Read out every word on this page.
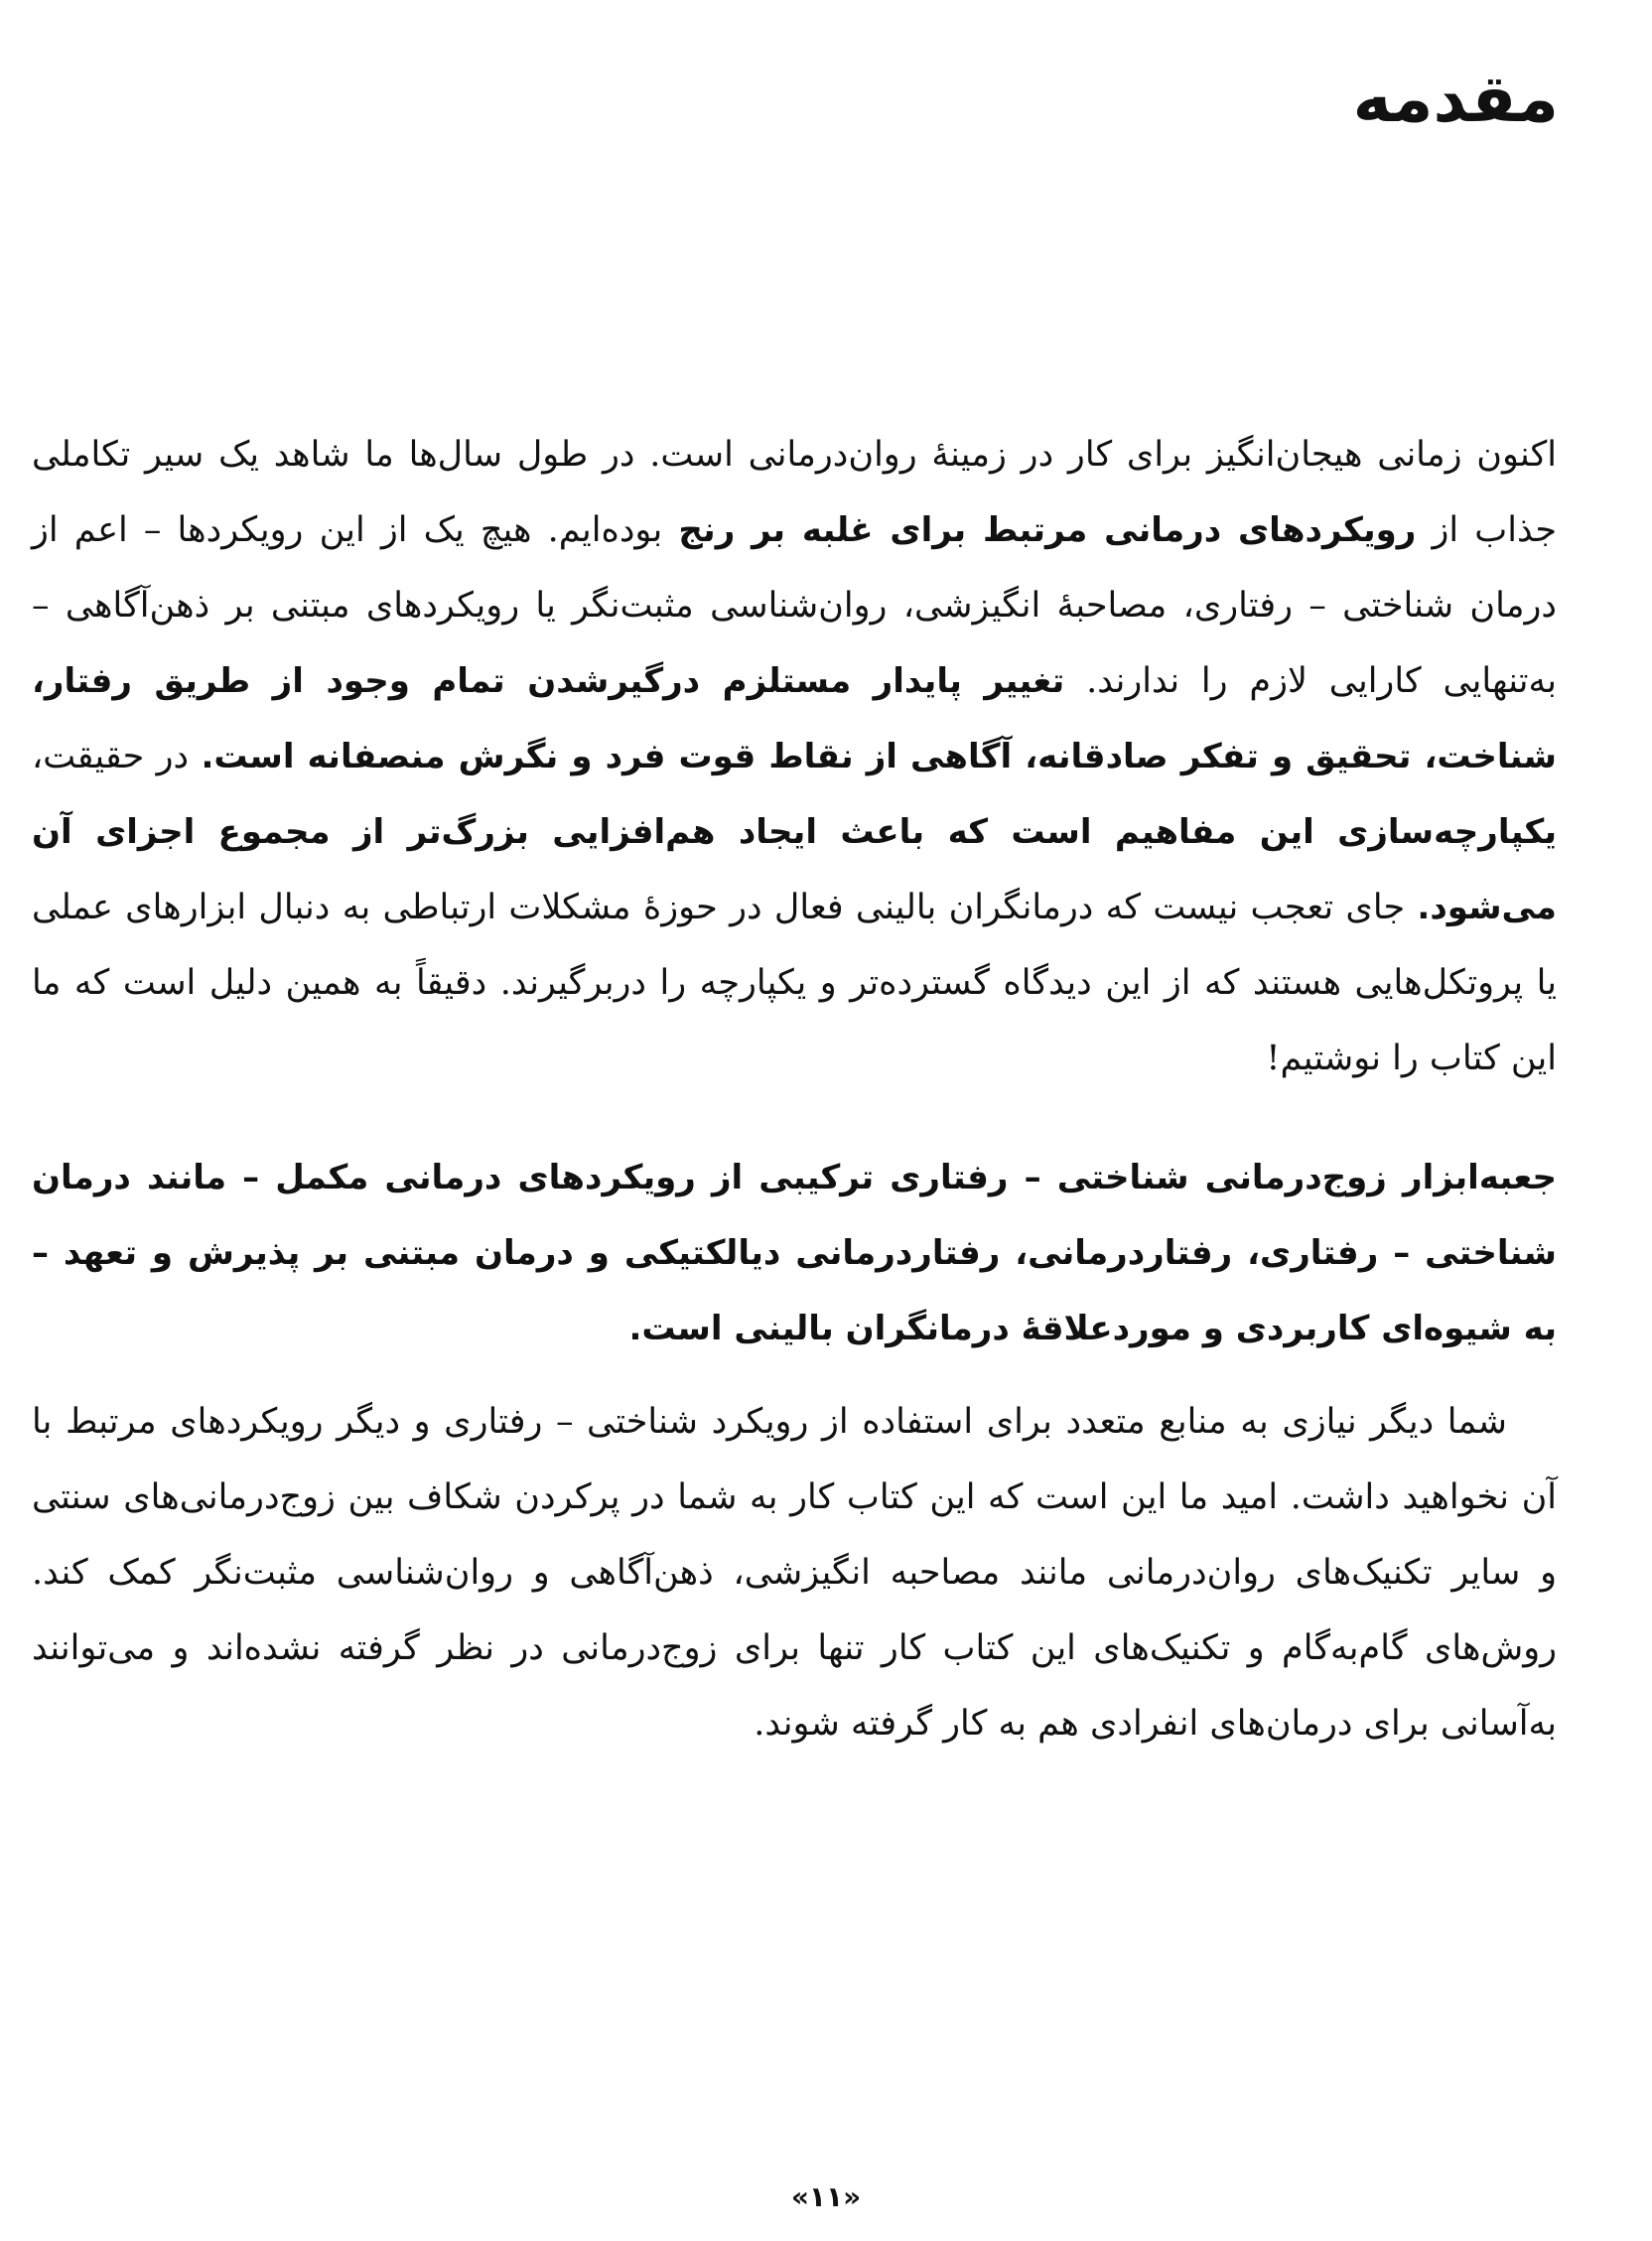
مقدمه

اکنون زمانی هیجان‌انگیز برای کار در زمینهٔ روان‌درمانی است. در طول سال‌ها ما شاهد یک سیر تکاملی جذاب از رویکردهای درمانی مرتبط برای غلبه بر رنج بوده‌ایم. هیچ یک از این رویکردها – اعم از درمان شناختی – رفتاری، مصاحبهٔ انگیزشی، روان‌شناسی مثبت‌نگر یا رویکردهای مبتنی بر ذهن‌آگاهی – به‌تنهایی کارایی لازم را ندارند. تغییر پایدار مستلزم درگیرشدن تمام وجود از طریق رفتار، شناخت، تحقیق و تفکر صادقانه، آگاهی از نقاط قوت فرد و نگرش منصفانه است. در حقیقت، یکپارچه‌سازی این مفاهیم است که باعث ایجاد هم‌افزایی بزرگ‌تر از مجموع اجزای آن می‌شود. جای تعجب نیست که درمانگران بالینی فعال در حوزهٔ مشکلات ارتباطی به دنبال ابزارهای عملی یا پروتکل‌هایی هستند که از این دیدگاه گسترده‌تر و یکپارچه را دربرگیرند. دقیقاً به همین دلیل است که ما این کتاب را نوشتیم!

جعبه‌ابزار زوج‌درمانی شناختی – رفتاری ترکیبی از رویکردهای درمانی مکمل – مانند درمان شناختی – رفتاری، رفتاردرمانی، رفتاردرمانی دیالکتیکی و درمان مبتنی بر پذیرش و تعهد – به شیوه‌ای کاربردی و موردعلاقهٔ درمانگران بالینی است.

شما دیگر نیازی به منابع متعدد برای استفاده از رویکرد شناختی – رفتاری و دیگر رویکردهای مرتبط با آن نخواهید داشت. امید ما این است که این کتاب کار به شما در پرکردن شکاف بین زوج‌درمانی‌های سنتی و سایر تکنیک‌های روان‌درمانی مانند مصاحبه انگیزشی، ذهن‌آگاهی و روان‌شناسی مثبت‌نگر کمک کند. روش‌های گام‌به‌گام و تکنیک‌های این کتاب کار تنها برای زوج‌درمانی در نظر گرفته نشده‌اند و می‌توانند به‌آسانی برای درمان‌های انفرادی هم به کار گرفته شوند.

«۱۱»
